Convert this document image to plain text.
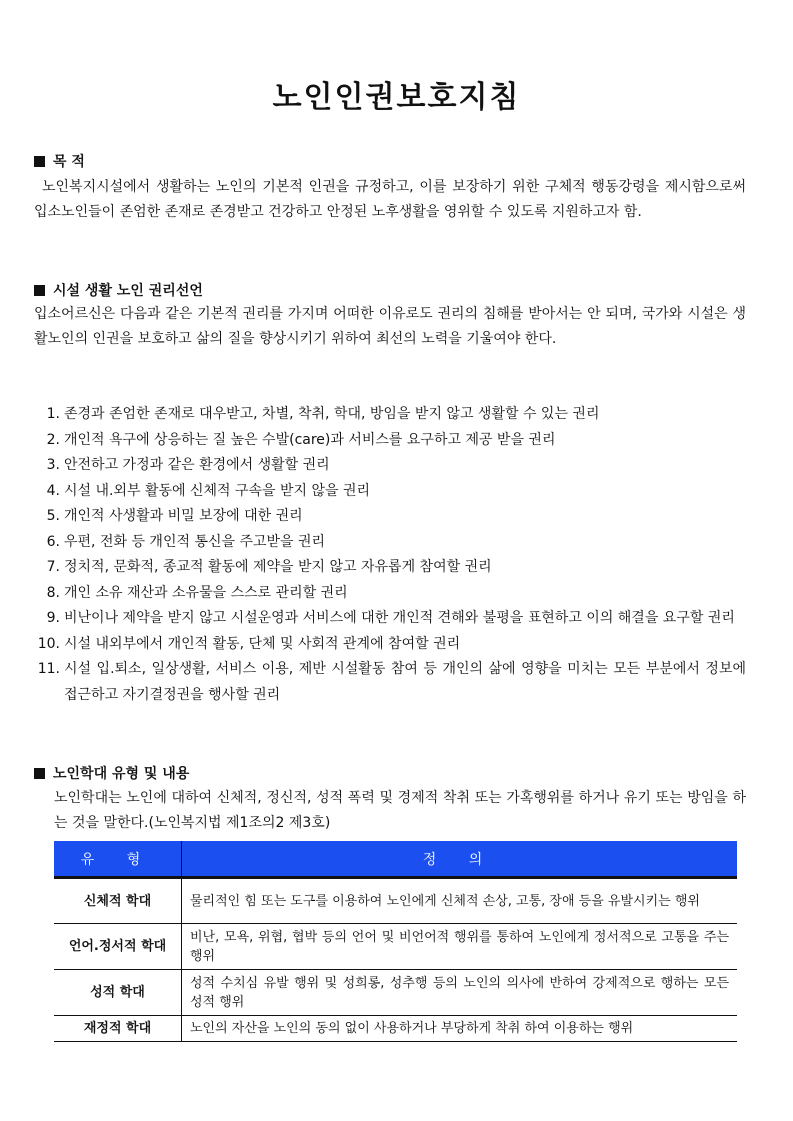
노인인권보호지침
목 적

노인복지시설에서 생활하는 노인의 기본적 인권을 규정하고, 이를 보장하기 위한 구체적 행동강령을 제시함으로써 입소노인들이 존엄한 존재로 존경받고 건강하고 안정된 노후생활을 영위할 수 있도록 지원하고자 함.

시설 생활 노인 권리선언

입소어르신은 다음과 같은 기본적 권리를 가지며 어떠한 이유로도 권리의 침해를 받아서는 안 되며, 국가와 시설은 생활노인의 인권을 보호하고 삶의 질을 향상시키기 위하여 최선의 노력을 기울여야 한다.

1. 존경과 존엄한 존재로 대우받고, 차별, 착취, 학대, 방임을 받지 않고 생활할 수 있는 권리
2. 개인적 욕구에 상응하는 질 높은 수발(care)과 서비스를 요구하고 제공 받을 권리
3. 안전하고 가정과 같은 환경에서 생활할 권리
4. 시설 내.외부 활동에 신체적 구속을 받지 않을 권리
5. 개인적 사생활과 비밀 보장에 대한 권리
6. 우편, 전화 등 개인적 통신을 주고받을 권리
7. 정치적, 문화적, 종교적 활동에 제약을 받지 않고 자유롭게 참여할 권리
8. 개인 소유 재산과 소유물을 스스로 관리할 권리
9. 비난이나 제약을 받지 않고 시설운영과 서비스에 대한 개인적 견해와 불평을 표현하고 이의 해결을 요구할 권리
10. 시설 내외부에서 개인적 활동, 단체 및 사회적 관계에 참여할 권리
11. 시설 입.퇴소, 일상생활, 서비스 이용, 제반 시설활동 참여 등 개인의 삶에 영향을 미치는 모든 부분에서 정보에 접근하고 자기결정권을 행사할 권리
노인학대 유형 및 내용

노인학대는 노인에 대하여 신체적, 정신적, 성적 폭력 및 경제적 착취 또는 가혹행위를 하거나 유기 또는 방임을 하는 것을 말한다.(노인복지법 제1조의2 제3호)

유 형	정 의
신체적 학대	물리적인 힘 또는 도구를 이용하여 노인에게 신체적 손상, 고통, 장애 등을 유발시키는 행위
언어.정서적 학대	비난, 모욕, 위협, 협박 등의 언어 및 비언어적 행위를 통하여 노인에게 정서적으로 고통을 주는 행위
성적 학대	성적 수치심 유발 행위 및 성희롱, 성추행 등의 노인의 의사에 반하여 강제적으로 행하는 모든 성적 행위
재정적 학대	노인의 자산을 노인의 동의 없이 사용하거나 부당하게 착취 하여 이용하는 행위
